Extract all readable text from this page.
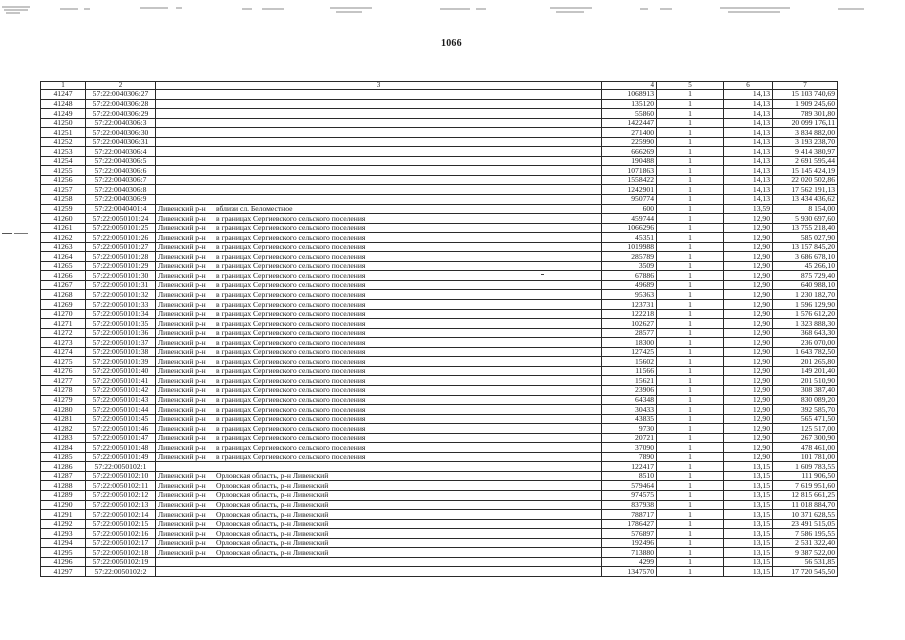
1066
1	2	3	4	5	6	7
41247	57:22:0040306:27		1068913	1	14,13	15 103 740,69
41248	57:22:0040306:28		135120	1	14,13	1 909 245,60
41249	57:22:0040306:29		55860	1	14,13	789 301,80
41250	57:22:0040306:3		1422447	1	14,13	20 099 176,11
41251	57:22:0040306:30		271400	1	14,13	3 834 882,00
41252	57:22:0040306:31		225990	1	14,13	3 193 238,70
41253	57:22:0040306:4		666269	1	14,13	9 414 380,97
41254	57:22:0040306:5		190488	1	14,13	2 691 595,44
41255	57:22:0040306:6		1071863	1	14,13	15 145 424,19
41256	57:22:0040306:7		1558422	1	14,13	22 020 502,86
41257	57:22:0040306:8		1242901	1	14,13	17 562 191,13
41258	57:22:0040306:9		950774	1	14,13	13 434 436,62
41259	57:22:0040401:4	Ливенский р-н вблизи сл. Беломестное	600	1	13,59	8 154,00
41260	57:22:0050101:24	Ливенский р-н в границах Сергиевского сельского поселения	459744	1	12,90	5 930 697,60
41261	57:22:0050101:25	Ливенский р-н в границах Сергиевского сельского поселения	1066296	1	12,90	13 755 218,40
41262	57:22:0050101:26	Ливенский р-н в границах Сергиевского сельского поселения	45351	1	12,90	585 027,90
41263	57:22:0050101:27	Ливенский р-н в границах Сергиевского сельского поселения	1019988	1	12,90	13 157 845,20
41264	57:22:0050101:28	Ливенский р-н в границах Сергиевского сельского поселения	285789	1	12,90	3 686 678,10
41265	57:22:0050101:29	Ливенский р-н в границах Сергиевского сельского поселения	3509	1	12,90	45 266,10
41266	57:22:0050101:30	Ливенский р-н в границах Сергиевского сельского поселения	67886	1	12,90	875 729,40
41267	57:22:0050101:31	Ливенский р-н в границах Сергиевского сельского поселения	49689	1	12,90	640 988,10
41268	57:22:0050101:32	Ливенский р-н в границах Сергиевского сельского поселения	95363	1	12,90	1 230 182,70
41269	57:22:0050101:33	Ливенский р-н в границах Сергиевского сельского поселения	123731	1	12,90	1 596 129,90
41270	57:22:0050101:34	Ливенский р-н в границах Сергиевского сельского поселения	122218	1	12,90	1 576 612,20
41271	57:22:0050101:35	Ливенский р-н в границах Сергиевского сельского поселения	102627	1	12,90	1 323 888,30
41272	57:22:0050101:36	Ливенский р-н в границах Сергиевского сельского поселения	28577	1	12,90	368 643,30
41273	57:22:0050101:37	Ливенский р-н в границах Сергиевского сельского поселения	18300	1	12,90	236 070,00
41274	57:22:0050101:38	Ливенский р-н в границах Сергиевского сельского поселения	127425	1	12,90	1 643 782,50
41275	57:22:0050101:39	Ливенский р-н в границах Сергиевского сельского поселения	15602	1	12,90	201 265,80
41276	57:22:0050101:40	Ливенский р-н в границах Сергиевского сельского поселения	11566	1	12,90	149 201,40
41277	57:22:0050101:41	Ливенский р-н в границах Сергиевского сельского поселения	15621	1	12,90	201 510,90
41278	57:22:0050101:42	Ливенский р-н в границах Сергиевского сельского поселения	23906	1	12,90	308 387,40
41279	57:22:0050101:43	Ливенский р-н в границах Сергиевского сельского поселения	64348	1	12,90	830 089,20
41280	57:22:0050101:44	Ливенский р-н в границах Сергиевского сельского поселения	30433	1	12,90	392 585,70
41281	57:22:0050101:45	Ливенский р-н в границах Сергиевского сельского поселения	43835	1	12,90	565 471,50
41282	57:22:0050101:46	Ливенский р-н в границах Сергиевского сельского поселения	9730	1	12,90	125 517,00
41283	57:22:0050101:47	Ливенский р-н в границах Сергиевского сельского поселения	20721	1	12,90	267 300,90
41284	57:22:0050101:48	Ливенский р-н в границах Сергиевского сельского поселения	37090	1	12,90	478 461,00
41285	57:22:0050101:49	Ливенский р-н в границах Сергиевского сельского поселения	7890	1	12,90	101 781,00
41286	57:22:0050102:1		122417	1	13,15	1 609 783,55
41287	57:22:0050102:10	Ливенский р-н Орловская область, р-н Ливенский	8510	1	13,15	111 906,50
41288	57:22:0050102:11	Ливенский р-н Орловская область, р-н Ливенский	579464	1	13,15	7 619 951,60
41289	57:22:0050102:12	Ливенский р-н Орловская область, р-н Ливенский	974575	1	13,15	12 815 661,25
41290	57:22:0050102:13	Ливенский р-н Орловская область, р-н Ливенский	837938	1	13,15	11 018 884,70
41291	57:22:0050102:14	Ливенский р-н Орловская область, р-н Ливенский	788717	1	13,15	10 371 628,55
41292	57:22:0050102:15	Ливенский р-н Орловская область, р-н Ливенский	1786427	1	13,15	23 491 515,05
41293	57:22:0050102:16	Ливенский р-н Орловская область, р-н Ливенский	576897	1	13,15	7 586 195,55
41294	57:22:0050102:17	Ливенский р-н Орловская область, р-н Ливенский	192496	1	13,15	2 531 322,40
41295	57:22:0050102:18	Ливенский р-н Орловская область, р-н Ливенский	713880	1	13,15	9 387 522,00
41296	57:22:0050102:19		4299	1	13,15	56 531,85
41297	57:22:0050102:2		1347570	1	13,15	17 720 545,50
